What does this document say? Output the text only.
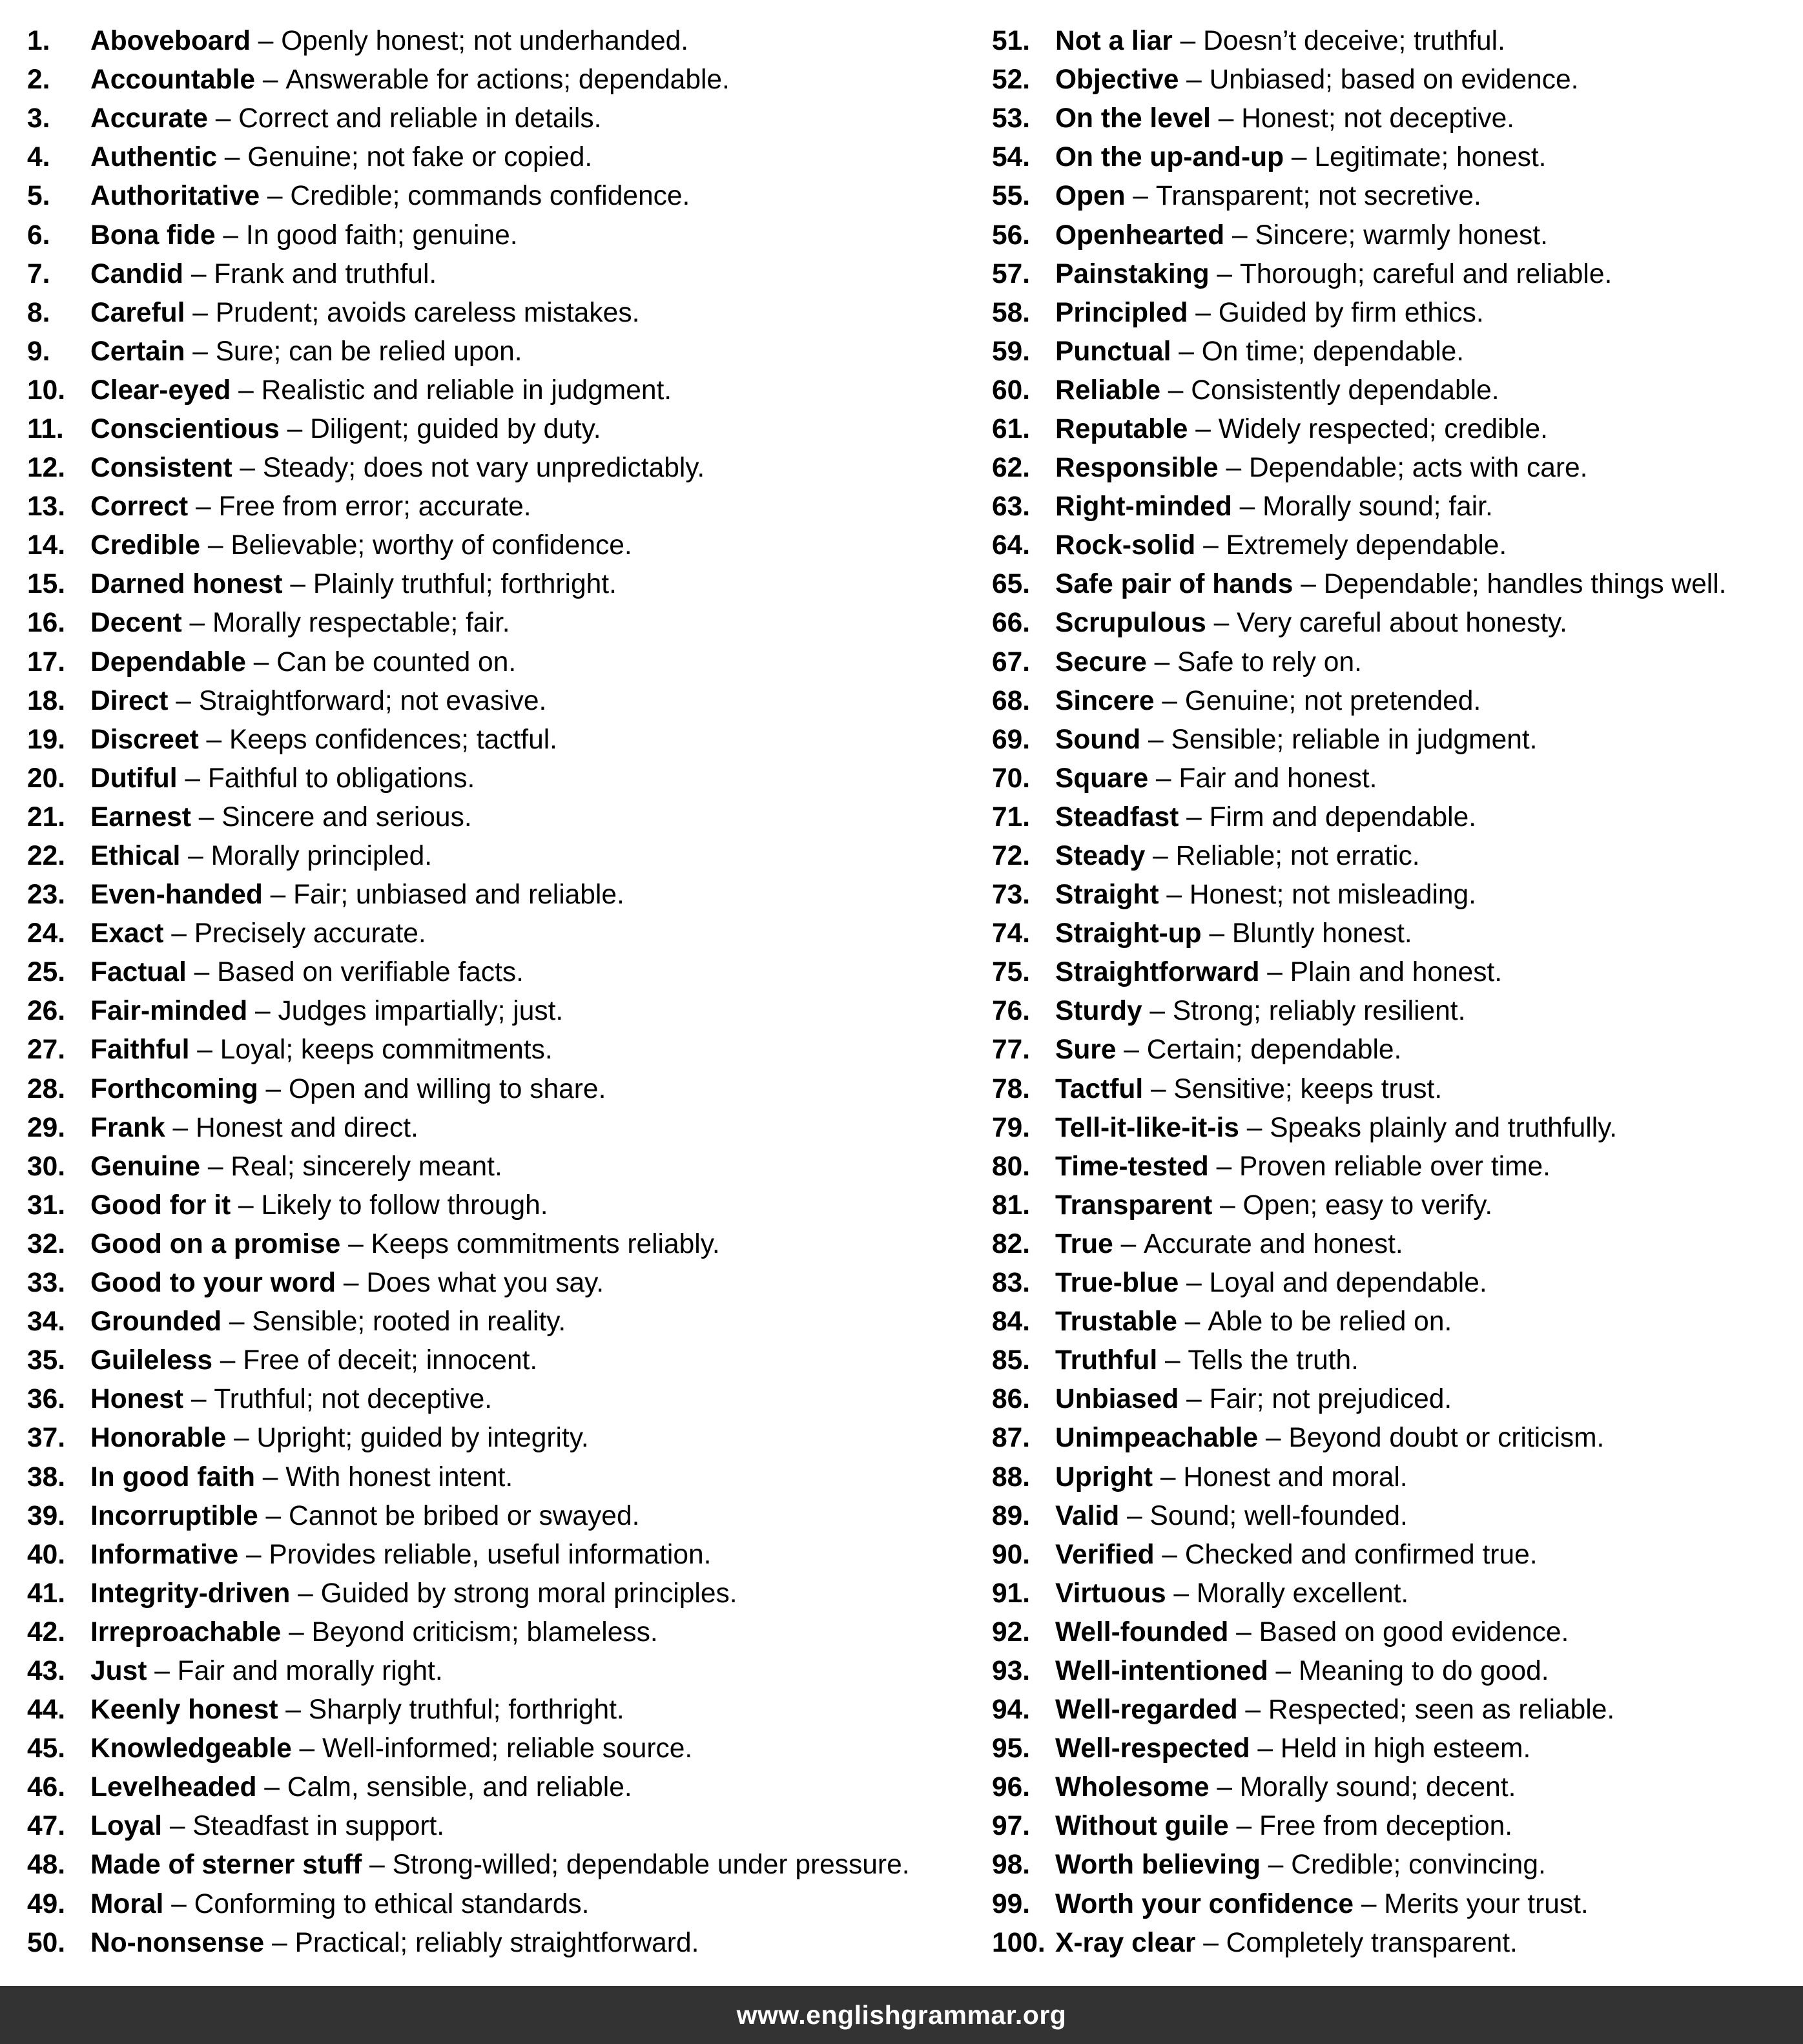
1.	Aboveboard – Openly honest; not underhanded.
2.	Accountable – Answerable for actions; dependable.
3.	Accurate – Correct and reliable in details.
4.	Authentic – Genuine; not fake or copied.
5.	Authoritative – Credible; commands confidence.
6.	Bona fide – In good faith; genuine.
7.	Candid – Frank and truthful.
8.	Careful – Prudent; avoids careless mistakes.
9.	Certain – Sure; can be relied upon.
10. Clear-eyed – Realistic and reliable in judgment.
11. Conscientious – Diligent; guided by duty.
12. Consistent – Steady; does not vary unpredictably.
13. Correct – Free from error; accurate.
14. Credible – Believable; worthy of confidence.
15. Darned honest – Plainly truthful; forthright.
16. Decent – Morally respectable; fair.
17. Dependable – Can be counted on.
18. Direct – Straightforward; not evasive.
19. Discreet – Keeps confidences; tactful.
20. Dutiful – Faithful to obligations.
21. Earnest – Sincere and serious.
22. Ethical – Morally principled.
23. Even-handed – Fair; unbiased and reliable.
24. Exact – Precisely accurate.
25. Factual – Based on verifiable facts.
26. Fair-minded – Judges impartially; just.
27. Faithful – Loyal; keeps commitments.
28. Forthcoming – Open and willing to share.
29. Frank – Honest and direct.
30. Genuine – Real; sincerely meant.
31. Good for it – Likely to follow through.
32. Good on a promise – Keeps commitments reliably.
33. Good to your word – Does what you say.
34. Grounded – Sensible; rooted in reality.
35. Guileless – Free of deceit; innocent.
36. Honest – Truthful; not deceptive.
37. Honorable – Upright; guided by integrity.
38. In good faith – With honest intent.
39. Incorruptible – Cannot be bribed or swayed.
40. Informative – Provides reliable, useful information.
41. Integrity-driven – Guided by strong moral principles.
42. Irreproachable – Beyond criticism; blameless.
43. Just – Fair and morally right.
44. Keenly honest – Sharply truthful; forthright.
45. Knowledgeable – Well-informed; reliable source.
46. Levelheaded – Calm, sensible, and reliable.
47. Loyal – Steadfast in support.
48. Made of sterner stuff – Strong-willed; dependable under pressure.
49. Moral – Conforming to ethical standards.
50. No-nonsense – Practical; reliably straightforward.
51. Not a liar – Doesn’t deceive; truthful.
52. Objective – Unbiased; based on evidence.
53. On the level – Honest; not deceptive.
54. On the up-and-up – Legitimate; honest.
55. Open – Transparent; not secretive.
56. Openhearted – Sincere; warmly honest.
57. Painstaking – Thorough; careful and reliable.
58. Principled – Guided by firm ethics.
59. Punctual – On time; dependable.
60. Reliable – Consistently dependable.
61. Reputable – Widely respected; credible.
62. Responsible – Dependable; acts with care.
63. Right-minded – Morally sound; fair.
64. Rock-solid – Extremely dependable.
65. Safe pair of hands – Dependable; handles things well.
66. Scrupulous – Very careful about honesty.
67. Secure – Safe to rely on.
68. Sincere – Genuine; not pretended.
69. Sound – Sensible; reliable in judgment.
70. Square – Fair and honest.
71. Steadfast – Firm and dependable.
72. Steady – Reliable; not erratic.
73. Straight – Honest; not misleading.
74. Straight-up – Bluntly honest.
75. Straightforward – Plain and honest.
76. Sturdy – Strong; reliably resilient.
77. Sure – Certain; dependable.
78. Tactful – Sensitive; keeps trust.
79. Tell-it-like-it-is – Speaks plainly and truthfully.
80. Time-tested – Proven reliable over time.
81. Transparent – Open; easy to verify.
82. True – Accurate and honest.
83. True-blue – Loyal and dependable.
84. Trustable – Able to be relied on.
85. Truthful – Tells the truth.
86. Unbiased – Fair; not prejudiced.
87. Unimpeachable – Beyond doubt or criticism.
88. Upright – Honest and moral.
89. Valid – Sound; well-founded.
90. Verified – Checked and confirmed true.
91. Virtuous – Morally excellent.
92. Well-founded – Based on good evidence.
93. Well-intentioned – Meaning to do good.
94. Well-regarded – Respected; seen as reliable.
95. Well-respected – Held in high esteem.
96. Wholesome – Morally sound; decent.
97. Without guile – Free from deception.
98. Worth believing – Credible; convincing.
99. Worth your confidence – Merits your trust.
100. X-ray clear – Completely transparent.
www.englishgrammar.org
